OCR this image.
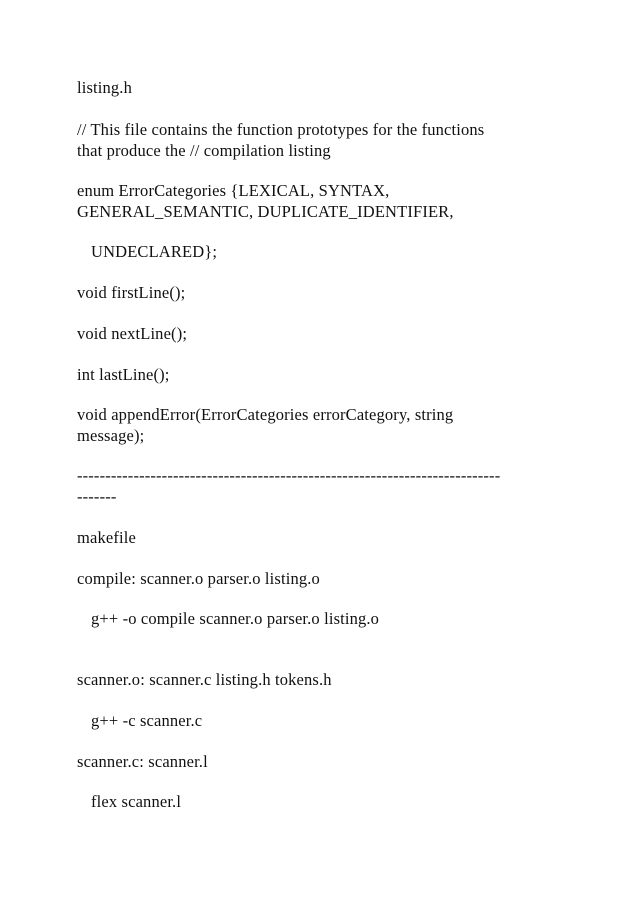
listing.h

// This file contains the function prototypes for the functions

that produce the // compilation listing

enum ErrorCategories {LEXICAL, SYNTAX,

GENERAL_SEMANTIC, DUPLICATE_IDENTIFIER,

UNDECLARED};

void firstLine();

void nextLine();

int lastLine();

void appendError(ErrorCategories errorCategory, string

message);

---------------------------------------------------------------------------

-------

makefile

compile: scanner.o parser.o listing.o

g++ -o compile scanner.o parser.o listing.o

scanner.o: scanner.c listing.h tokens.h

g++ -c scanner.c

scanner.c: scanner.l

flex scanner.l
